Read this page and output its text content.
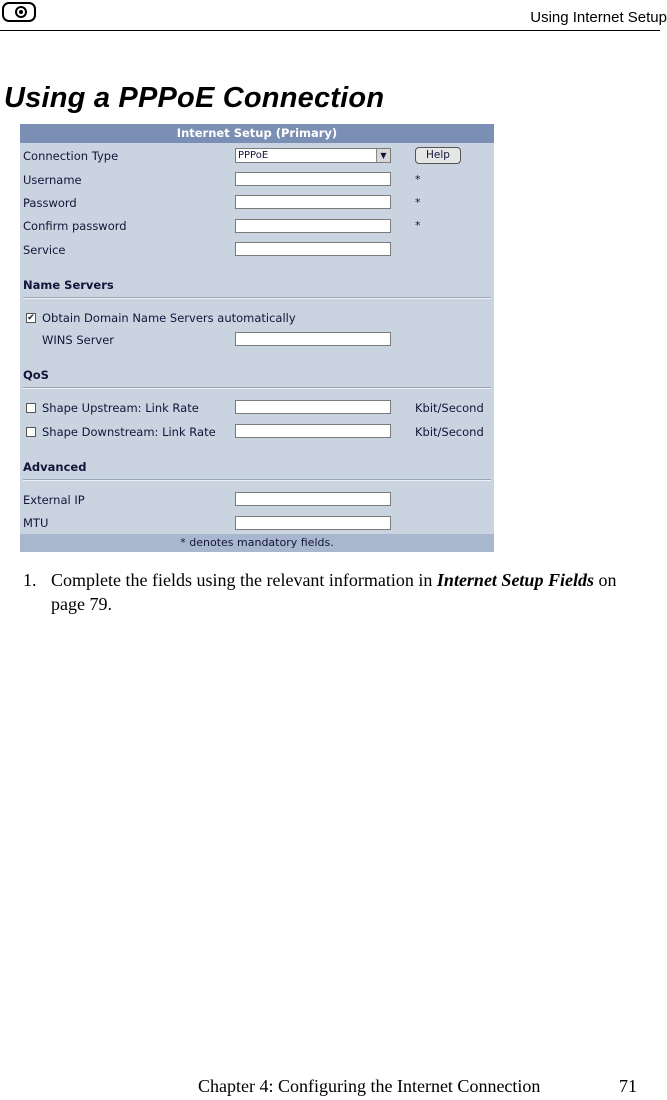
Using Internet Setup
Using a PPPoE Connection
Internet Setup (Primary)
Connection Type	PPPoE	▼	Help
Username	*
Password	*
Confirm password	*
Service
Name Servers
✔ Obtain Domain Name Servers automatically
WINS Server
QoS
Shape Upstream: Link Rate	Kbit/Second
Shape Downstream: Link Rate	Kbit/Second
Advanced
External IP
MTU
* denotes mandatory fields.
1. Complete the fields using the relevant information in Internet Setup Fields on page 79.
Chapter 4: Configuring the Internet Connection	71
